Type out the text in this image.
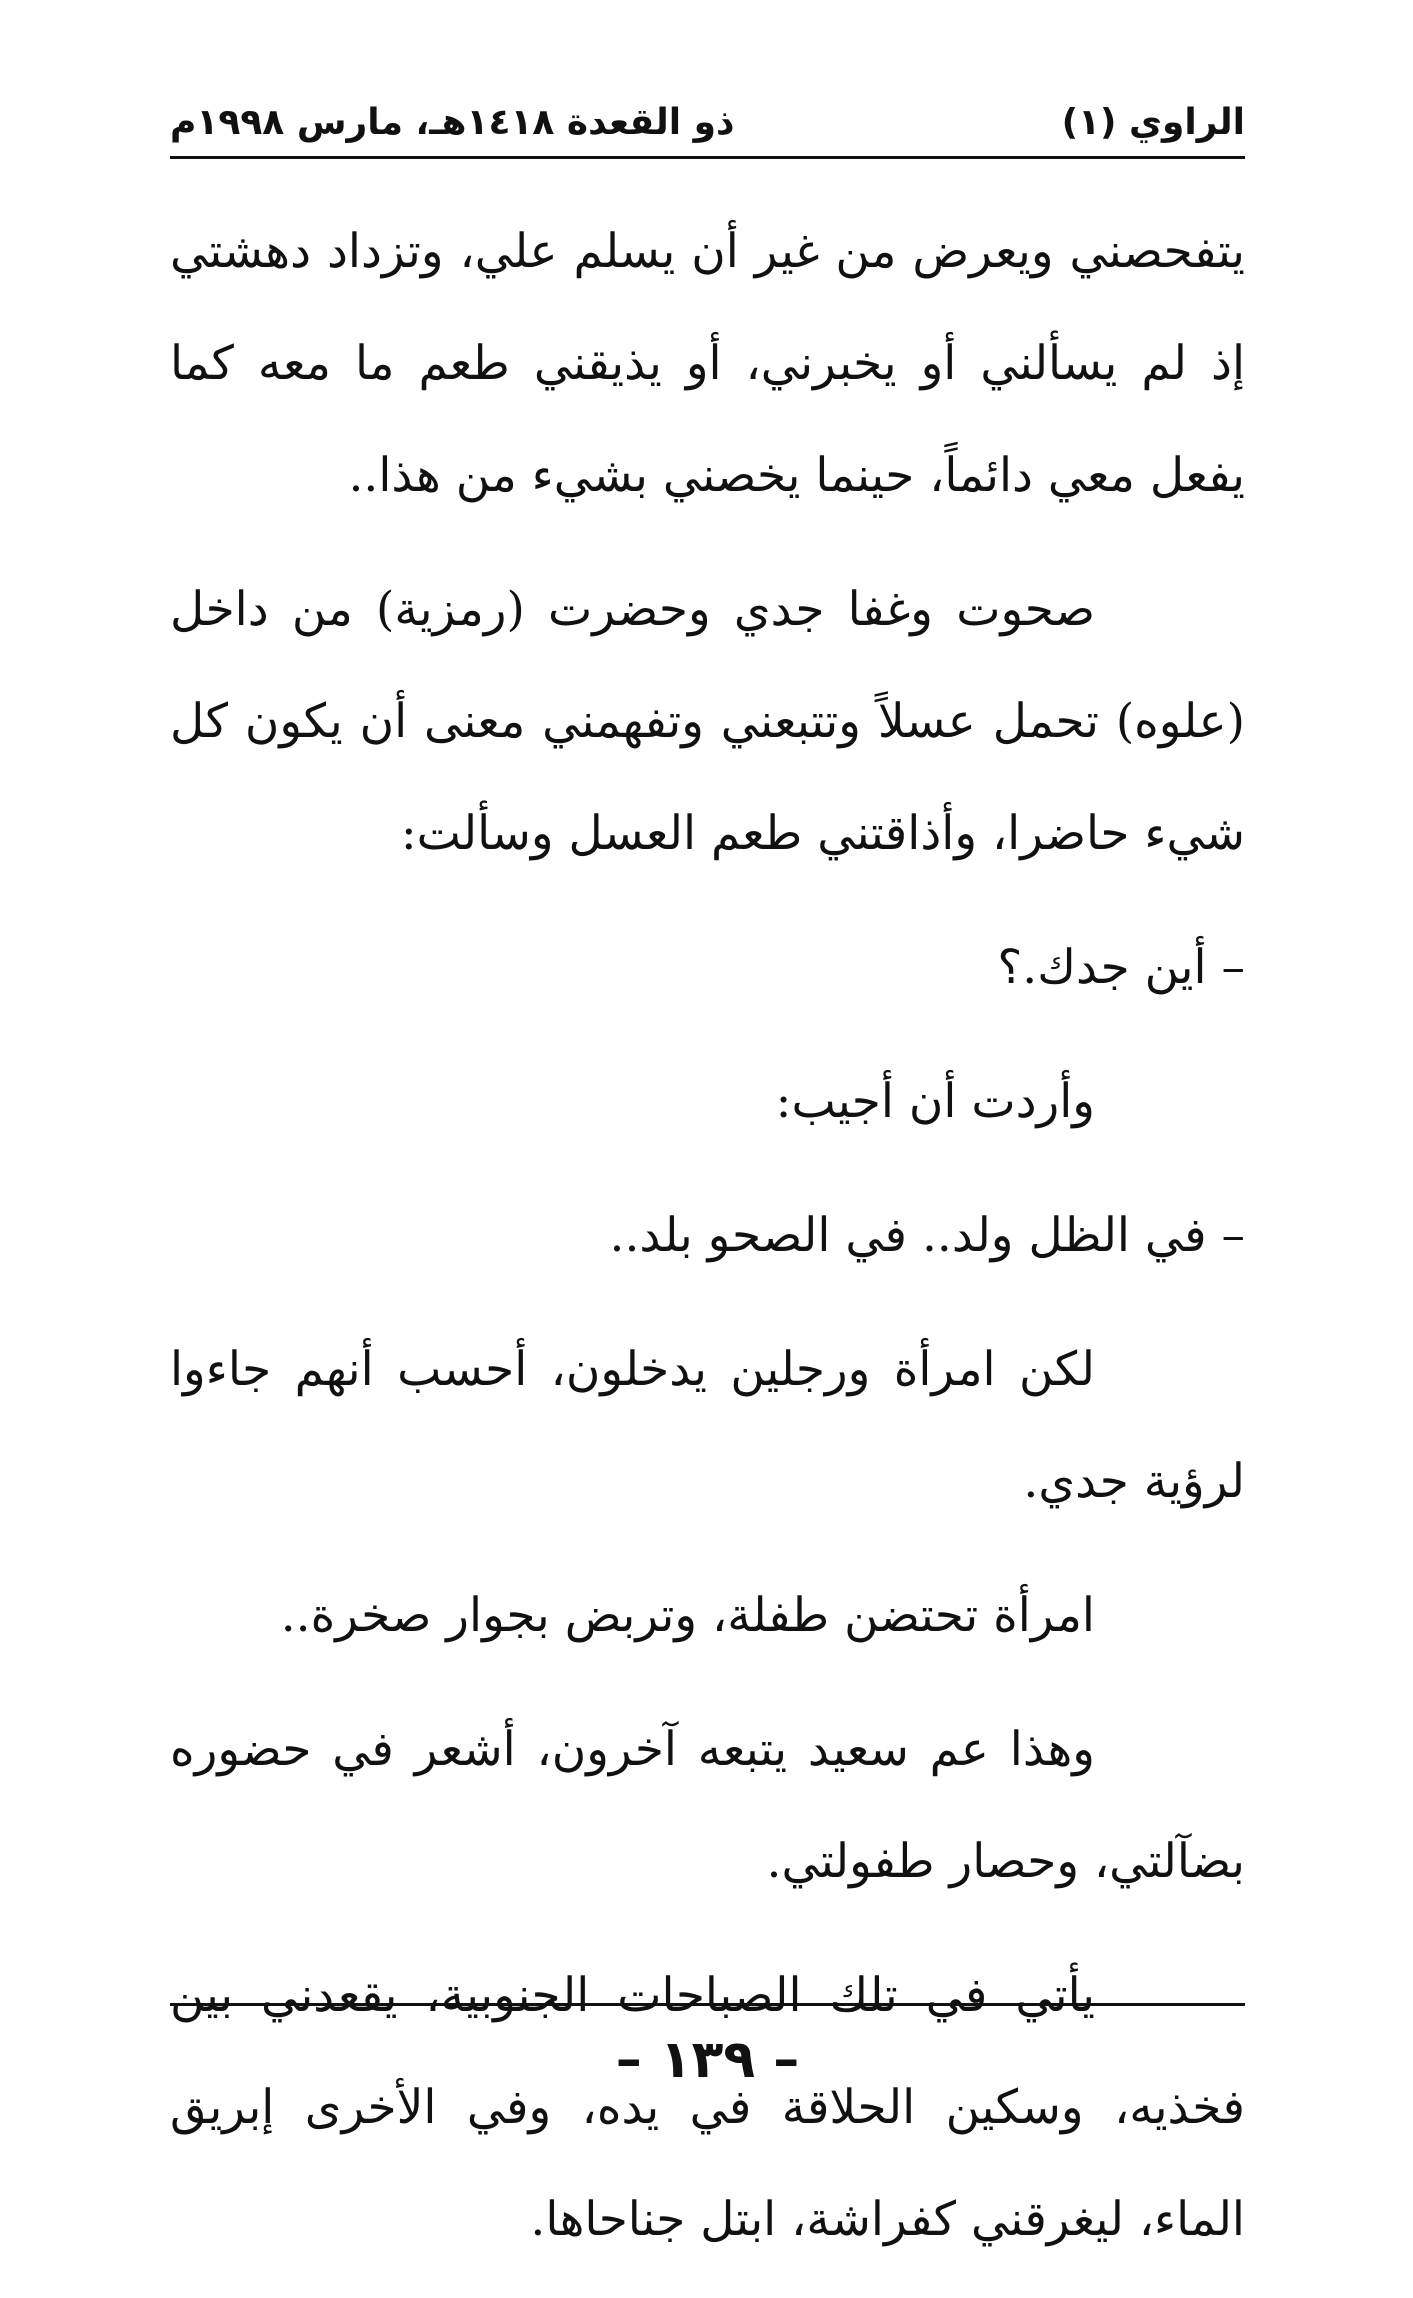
الراوي (١)
ذو القعدة ١٤١٨هـ، مارس ١٩٩٨م

يتفحصني ويعرض من غير أن يسلم علي، وتزداد دهشتي إذ لم يسألني أو يخبرني، أو يذيقني طعم ما معه كما يفعل معي دائماً، حينما يخصني بشيء من هذا..

صحوت وغفا جدي وحضرت (رمزية) من داخل (علوه) تحمل عسلاً وتتبعني وتفهمني معنى أن يكون كل شيء حاضرا، وأذاقتني طعم العسل وسألت:

– أين جدك.؟

وأردت أن أجيب:

– في الظل ولد.. في الصحو بلد..

لكن امرأة ورجلين يدخلون، أحسب أنهم جاءوا لرؤية جدي.

امرأة تحتضن طفلة، وتربض بجوار صخرة..

وهذا عم سعيد يتبعه آخرون، أشعر في حضوره بضآلتي، وحصار طفولتي.

يأتي في تلك الصباحات الجنوبية، يقعدني بين فخذيه، وسكين الحلاقة في يده، وفي الأخرى إبريق الماء، ليغرقني كفراشة، ابتل جناحاها.

– ١٣٩ –
